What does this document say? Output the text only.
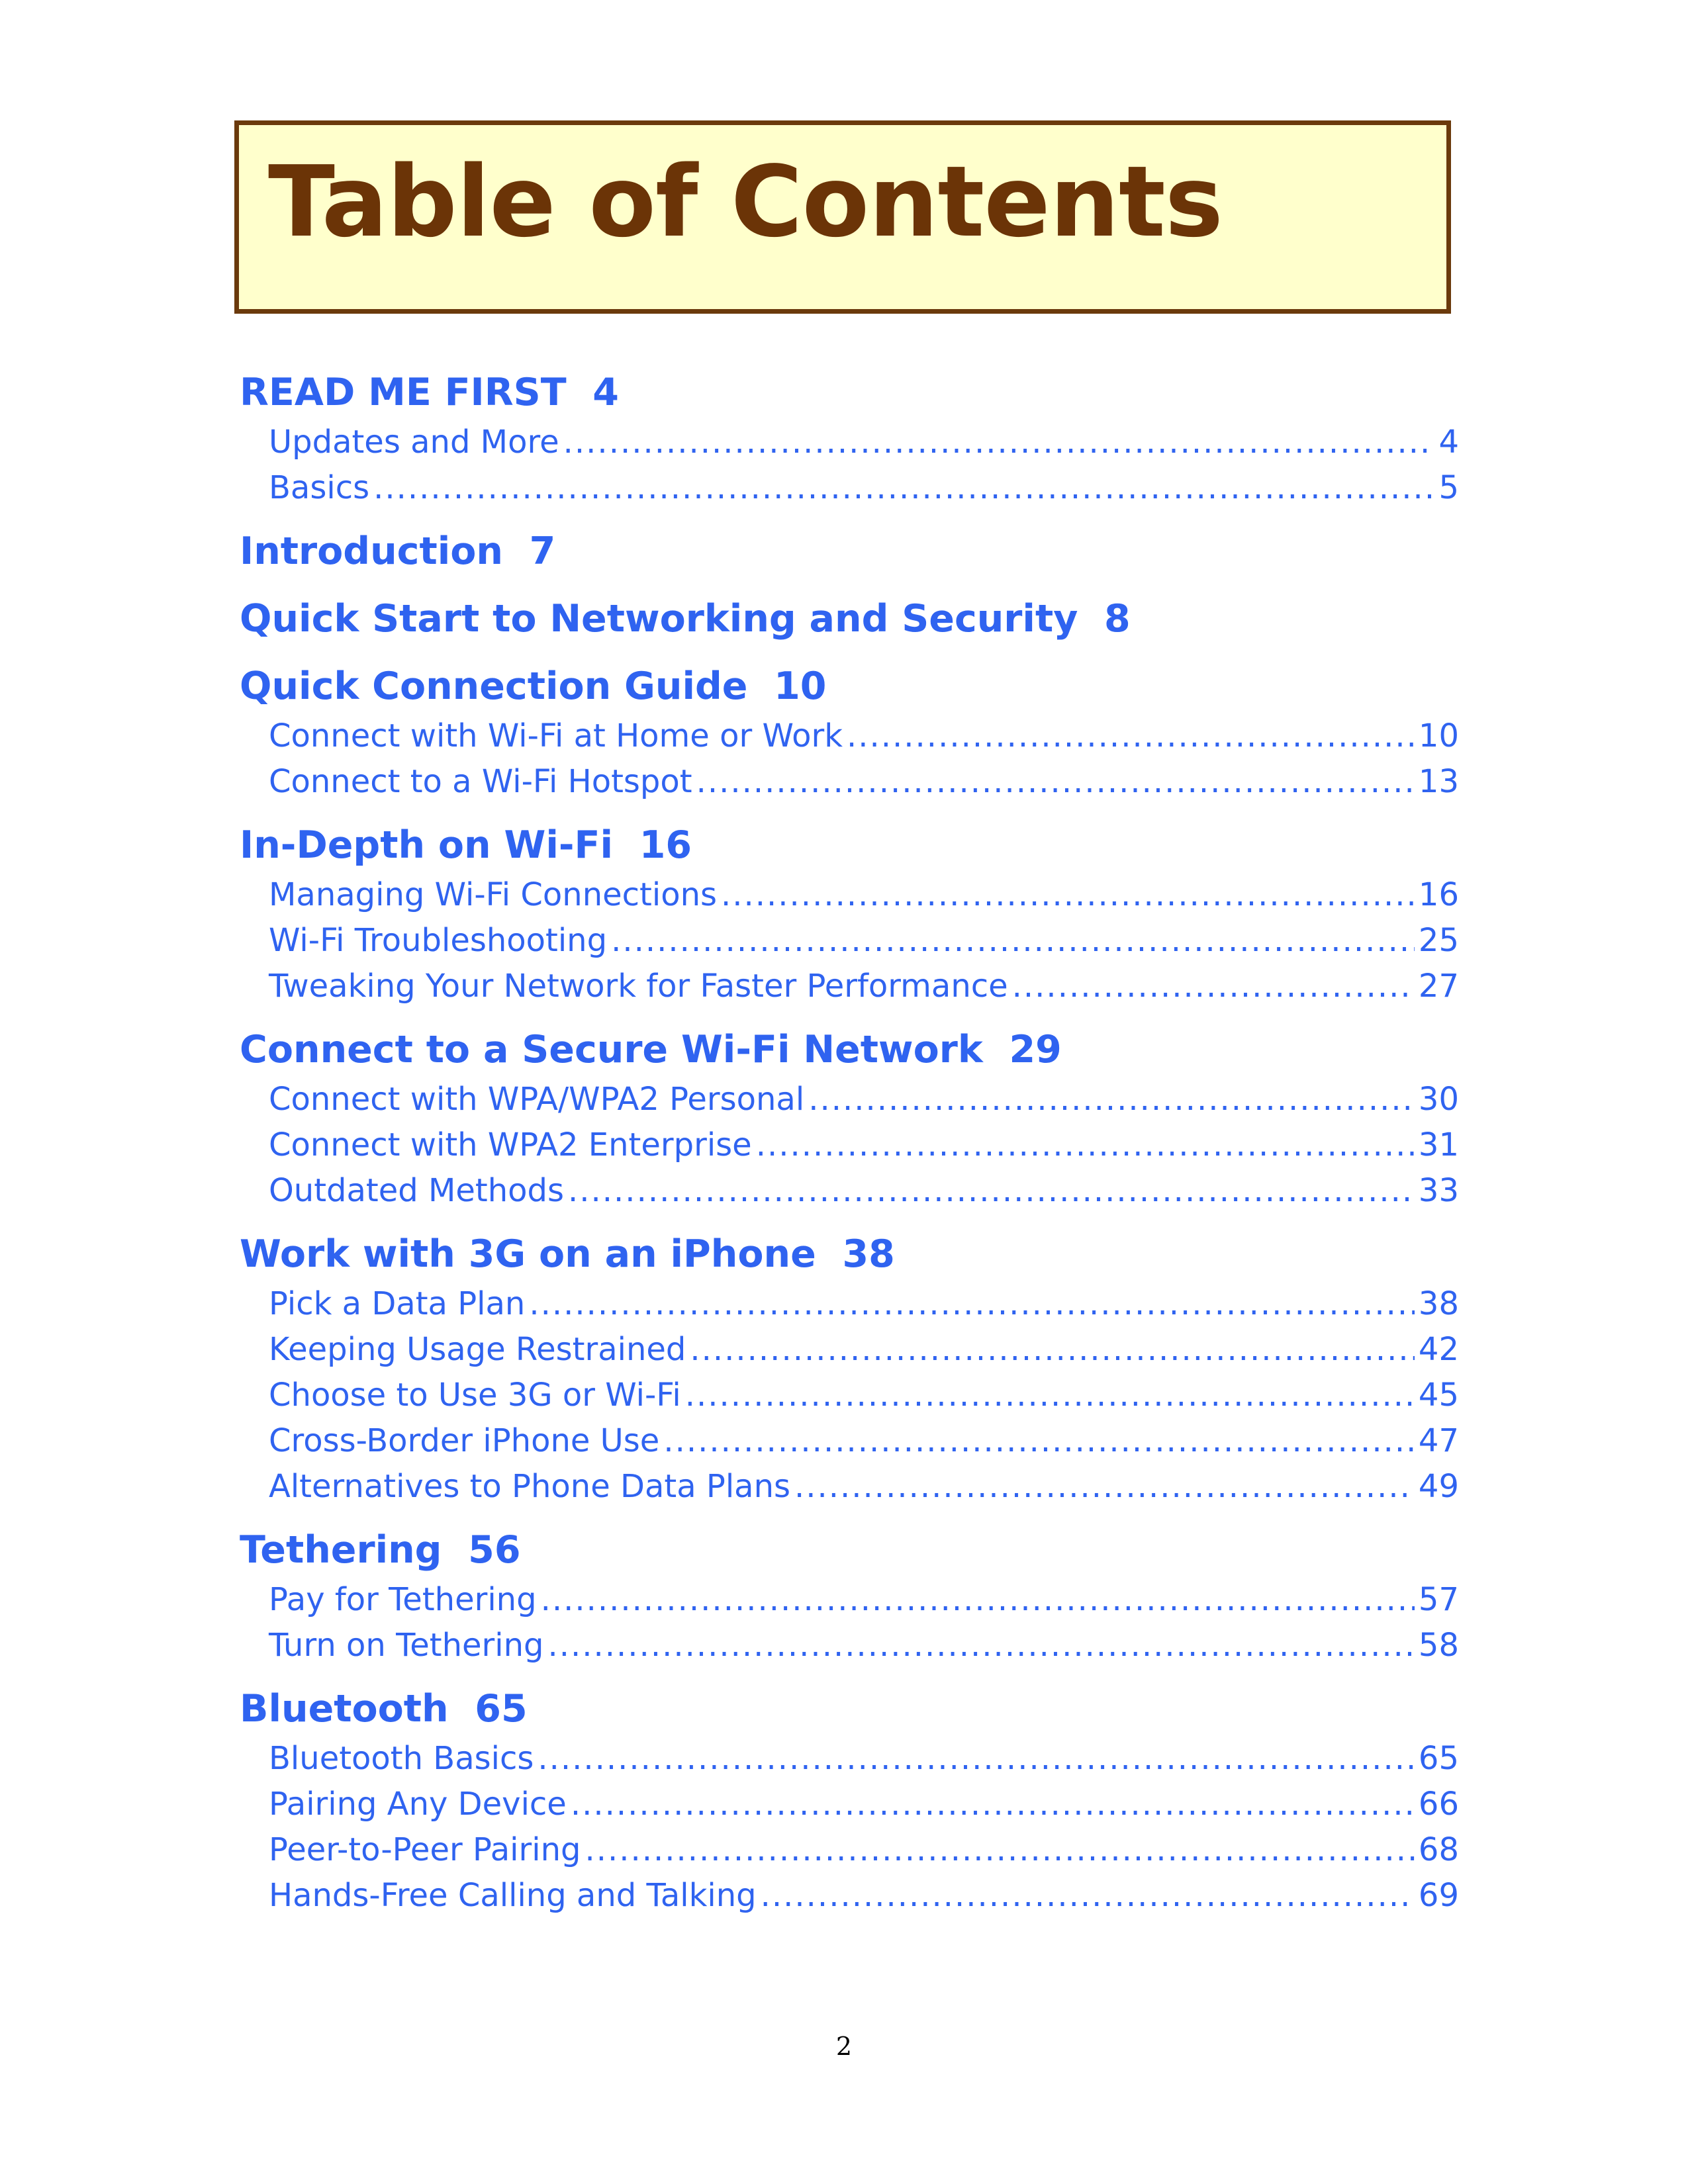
Table of Contents
READ ME FIRST  4
Updates and More .....	4
Basics .....	5
Introduction  7
Quick Start to Networking and Security  8
Quick Connection Guide  10
Connect with Wi-Fi at Home or Work .....	10
Connect to a Wi-Fi Hotspot .....	13
In-Depth on Wi-Fi  16
Managing Wi-Fi Connections .....	16
Wi-Fi Troubleshooting .....	25
Tweaking Your Network for Faster Performance .....	27
Connect to a Secure Wi-Fi Network  29
Connect with WPA/WPA2 Personal .....	30
Connect with WPA2 Enterprise .....	31
Outdated Methods .....	33
Work with 3G on an iPhone  38
Pick a Data Plan .....	38
Keeping Usage Restrained .....	42
Choose to Use 3G or Wi-Fi .....	45
Cross-Border iPhone Use .....	47
Alternatives to Phone Data Plans .....	49
Tethering  56
Pay for Tethering .....	57
Turn on Tethering .....	58
Bluetooth  65
Bluetooth Basics .....	65
Pairing Any Device .....	66
Peer-to-Peer Pairing .....	68
Hands-Free Calling and Talking .....	69
2
